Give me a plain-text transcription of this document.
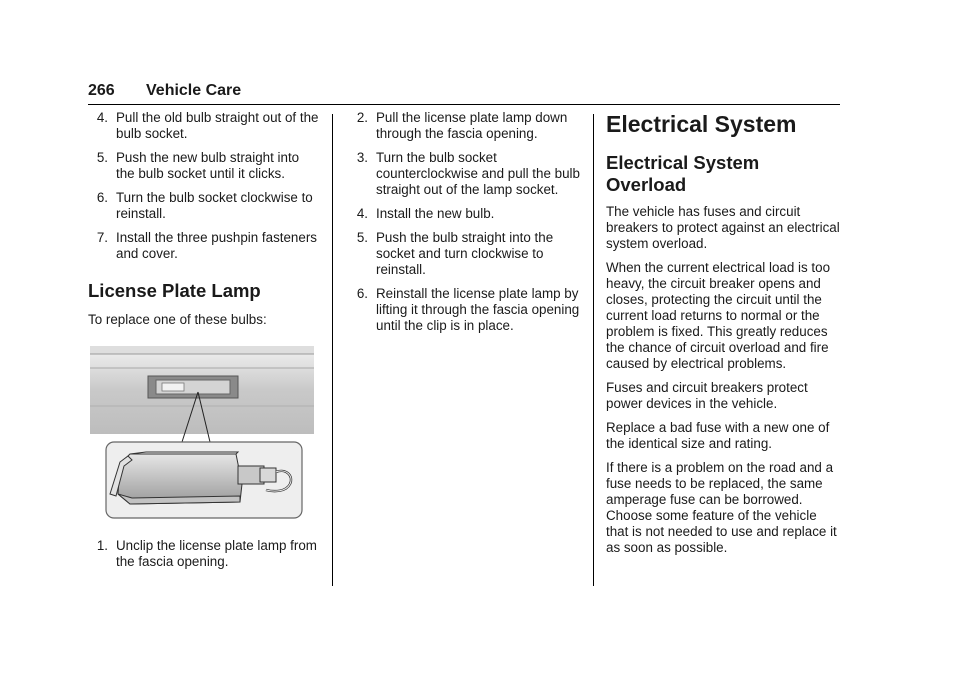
266 Vehicle Care
4 . Pull the old bulb straight out of the bulb socket.
5 . Push the new bulb straight into the bulb socket until it clicks.
6 . Turn the bulb socket clockwise to reinstall.
7 . Install the three pushpin fasteners and cover.
License Plate Lamp

To replace one of these bulbs:

1 . Unclip the license plate lamp from the fascia opening.
2 . Pull the license plate lamp down through the fascia opening.
3 . Turn the bulb socket counterclockwise and pull the bulb straight out of the lamp socket.
4 . Install the new bulb.
5 . Push the bulb straight into the socket and turn clockwise to reinstall.
6 . Reinstall the license plate lamp by lifting it through the fascia opening until the clip is in place.
Electrical System
Electrical System Overload

The vehicle has fuses and circuit breakers to protect against an electrical system overload.

When the current electrical load is too heavy, the circuit breaker opens and closes, protecting the circuit until the current load returns to normal or the problem is fixed. This greatly reduces the chance of circuit overload and fire caused by electrical problems.

Fuses and circuit breakers protect power devices in the vehicle.

Replace a bad fuse with a new one of the identical size and rating.

If there is a problem on the road and a fuse needs to be replaced, the same amperage fuse can be borrowed. Choose some feature of the vehicle that is not needed to use and replace it as soon as possible.
